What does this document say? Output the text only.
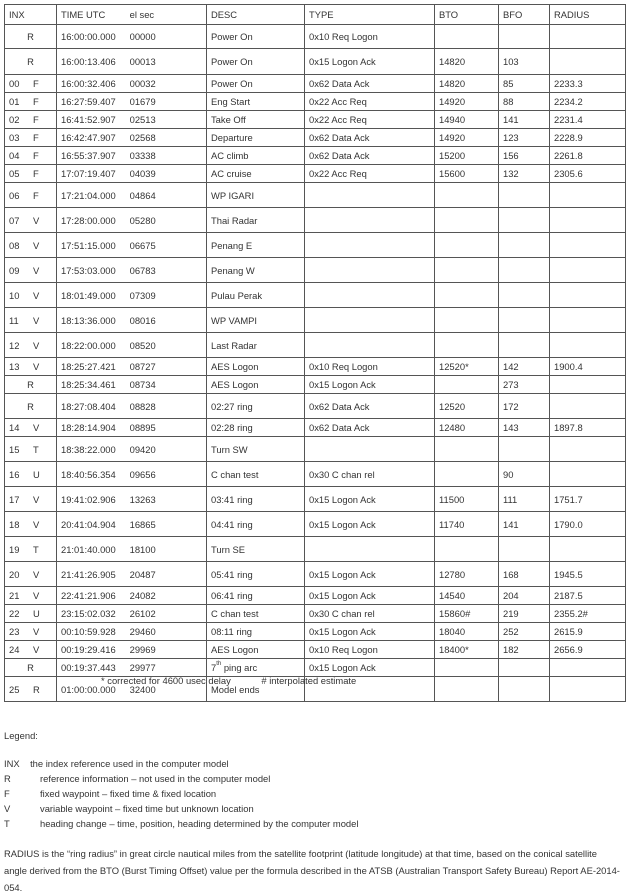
INX	TIME UTC el sec	DESC	TYPE	BTO	BFO	RADIUS
R	16:00:00.000 00000	Power On	0x10 Req Logon			
R	16:00:13.406 00013	Power On	0x15 Logon Ack	14820	103	
00 F	16:00:32.406 00032	Power On	0x62 Data Ack	14820	85	2233.3
01 F	16:27:59.407 01679	Eng Start	0x22 Acc Req	14920	88	2234.2
02 F	16:41:52.907 02513	Take Off	0x22 Acc Req	14940	141	2231.4
03 F	16:42:47.907 02568	Departure	0x62 Data Ack	14920	123	2228.9
04 F	16:55:37.907 03338	AC climb	0x62 Data Ack	15200	156	2261.8
05 F	17:07:19.407 04039	AC cruise	0x22 Acc Req	15600	132	2305.6
06 F	17:21:04.000 04864	WP IGARI				
07 V	17:28:00.000 05280	Thai Radar				
08 V	17:51:15.000 06675	Penang E				
09 V	17:53:03.000 06783	Penang W				
10 V	18:01:49.000 07309	Pulau Perak				
11 V	18:13:36.000 08016	WP VAMPI				
12 V	18:22:00.000 08520	Last Radar				
13 V	18:25:27.421 08727	AES Logon	0x10 Req Logon	12520*	142	1900.4
R	18:25:34.461 08734	AES Logon	0x15 Logon Ack		273	
R	18:27:08.404 08828	02:27 ring	0x62 Data Ack	12520	172	
14 V	18:28:14.904 08895	02:28 ring	0x62 Data Ack	12480	143	1897.8
15 T	18:38:22.000 09420	Turn SW				
16 U	18:40:56.354 09656	C chan test	0x30 C chan rel		90	
17 V	19:41:02.906 13263	03:41 ring	0x15 Logon Ack	11500	111	1751.7
18 V	20:41:04.904 16865	04:41 ring	0x15 Logon Ack	11740	141	1790.0
19 T	21:01:40.000 18100	Turn SE				
20 V	21:41:26.905 20487	05:41 ring	0x15 Logon Ack	12780	168	1945.5
21 V	22:41:21.906 24082	06:41 ring	0x15 Logon Ack	14540	204	2187.5
22 U	23:15:02.032 26102	C chan test	0x30 C chan rel	15860#	219	2355.2#
23 V	00:10:59.928 29460	08:11 ring	0x15 Logon Ack	18040	252	2615.9
24 V	00:19:29.416 29969	AES Logon	0x10 Req Logon	18400*	182	2656.9
R	00:19:37.443 29977	7th ping arc	0x15 Logon Ack			
25 R	01:00:00.000 32400	Model ends				
* corrected for 4600 usec delay	# interpolated estimate
Legend:
INX the index reference used in the computer model
R	reference information – not used in the computer model
F	fixed waypoint – fixed time & fixed location
V	variable waypoint – fixed time but unknown location
T	heading change – time, position, heading determined by the computer model
RADIUS is the “ring radius” in great circle nautical miles from the satellite footprint (latitude longitude) at that time, based on the conical satellite angle derived from the BTO (Burst Timing Offset) value per the formula described in the ATSB (Australian Transport Safety Bureau) Report AE-2014-054.
